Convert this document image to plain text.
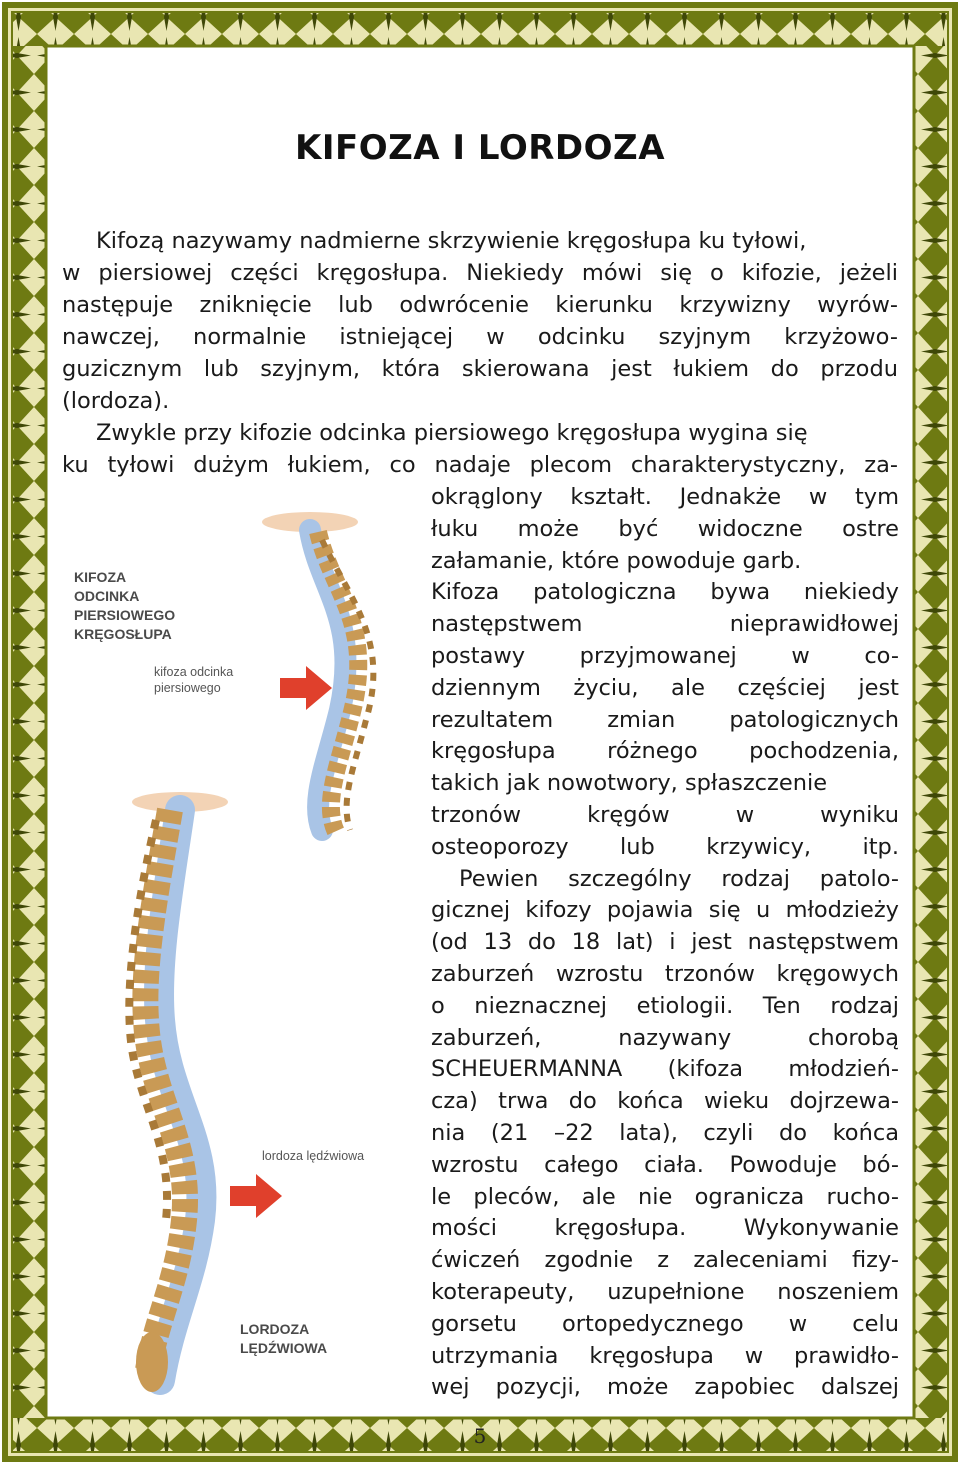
KIFOZA I LORDOZA
Kifozą nazywamy nadmierne skrzywienie kręgosłupa ku tyłowi,
w piersiowej części kręgosłupa. Niekiedy mówi się o kifozie, jeżeli
następuje zniknięcie lub odwrócenie kierunku krzywizny wyrów-
nawczej, normalnie istniejącej w odcinku szyjnym krzyżowo-
guzicznym lub szyjnym, która skierowana jest łukiem do przodu
(lordoza).
Zwykle przy kifozie odcinka piersiowego kręgosłupa wygina się
ku tyłowi dużym łukiem, co nadaje plecom charakterystyczny, za-
okrąglony kształt. Jednakże w tym
łuku może być widoczne ostre
załamanie, które powoduje garb.
Kifoza patologiczna bywa niekiedy
następstwem nieprawidłowej
postawy przyjmowanej w co-
dziennym życiu, ale częściej jest
rezultatem zmian patologicznych
kręgosłupa różnego pochodzenia,
takich jak nowotwory, spłaszczenie
trzonów kręgów w wyniku
osteoporozy lub krzywicy, itp.
Pewien szczególny rodzaj patolo-
gicznej kifozy pojawia się u młodzieży
(od 13 do 18 lat) i jest następstwem
zaburzeń wzrostu trzonów kręgowych
o nieznacznej etiologii. Ten rodzaj
zaburzeń, nazywany chorobą
SCHEUERMANNA (kifoza młodzień-
cza) trwa do końca wieku dojrzewa-
nia (21 –22 lata), czyli do końca
wzrostu całego ciała. Powoduje bó-
le pleców, ale nie ogranicza rucho-
mości kręgosłupa. Wykonywanie
ćwiczeń zgodnie z zaleceniami fizy-
koterapeuty, uzupełnione noszeniem
gorsetu ortopedycznego w celu
utrzymania kręgosłupa w prawidło-
wej pozycji, może zapobiec dalszej
KIFOZA
ODCINKA
PIERSIOWEGO
KRĘGOSŁUPA
kifoza odcinka
piersiowego
lordoza lędźwiowa
LORDOZA
LĘDŹWIOWA
5
